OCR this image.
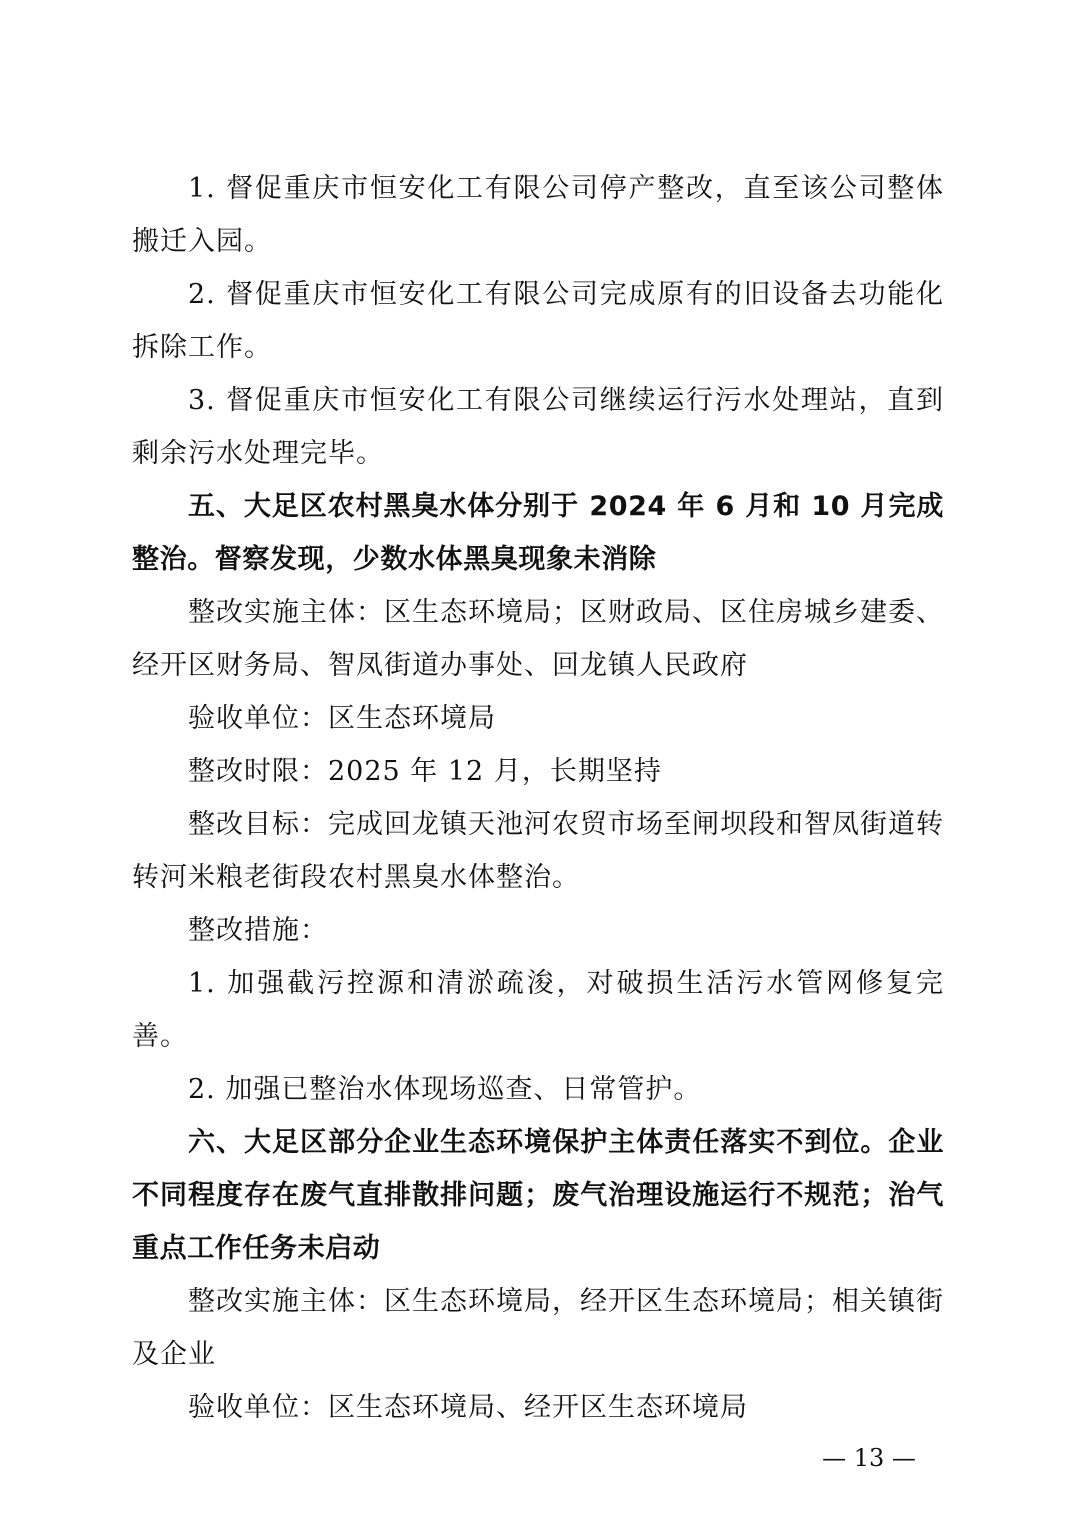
1. 督促重庆市恒安化工有限公司停产整改，直至该公司整体搬迁入园。

2. 督促重庆市恒安化工有限公司完成原有的旧设备去功能化拆除工作。

3. 督促重庆市恒安化工有限公司继续运行污水处理站，直到剩余污水处理完毕。

五、大足区农村黑臭水体分别于 2024 年 6 月和 10 月完成整治。督察发现，少数水体黑臭现象未消除

整改实施主体：区生态环境局；区财政局、区住房城乡建委、经开区财务局、智凤街道办事处、回龙镇人民政府

验收单位：区生态环境局

整改时限：2025 年 12 月，长期坚持

整改目标：完成回龙镇天池河农贸市场至闸坝段和智凤街道转转河米粮老街段农村黑臭水体整治。

整改措施：

1. 加强截污控源和清淤疏浚，对破损生活污水管网修复完善。

2. 加强已整治水体现场巡查、日常管护。

六、大足区部分企业生态环境保护主体责任落实不到位。企业不同程度存在废气直排散排问题；废气治理设施运行不规范；治气重点工作任务未启动

整改实施主体：区生态环境局，经开区生态环境局；相关镇街及企业

验收单位：区生态环境局、经开区生态环境局

— 13 —
